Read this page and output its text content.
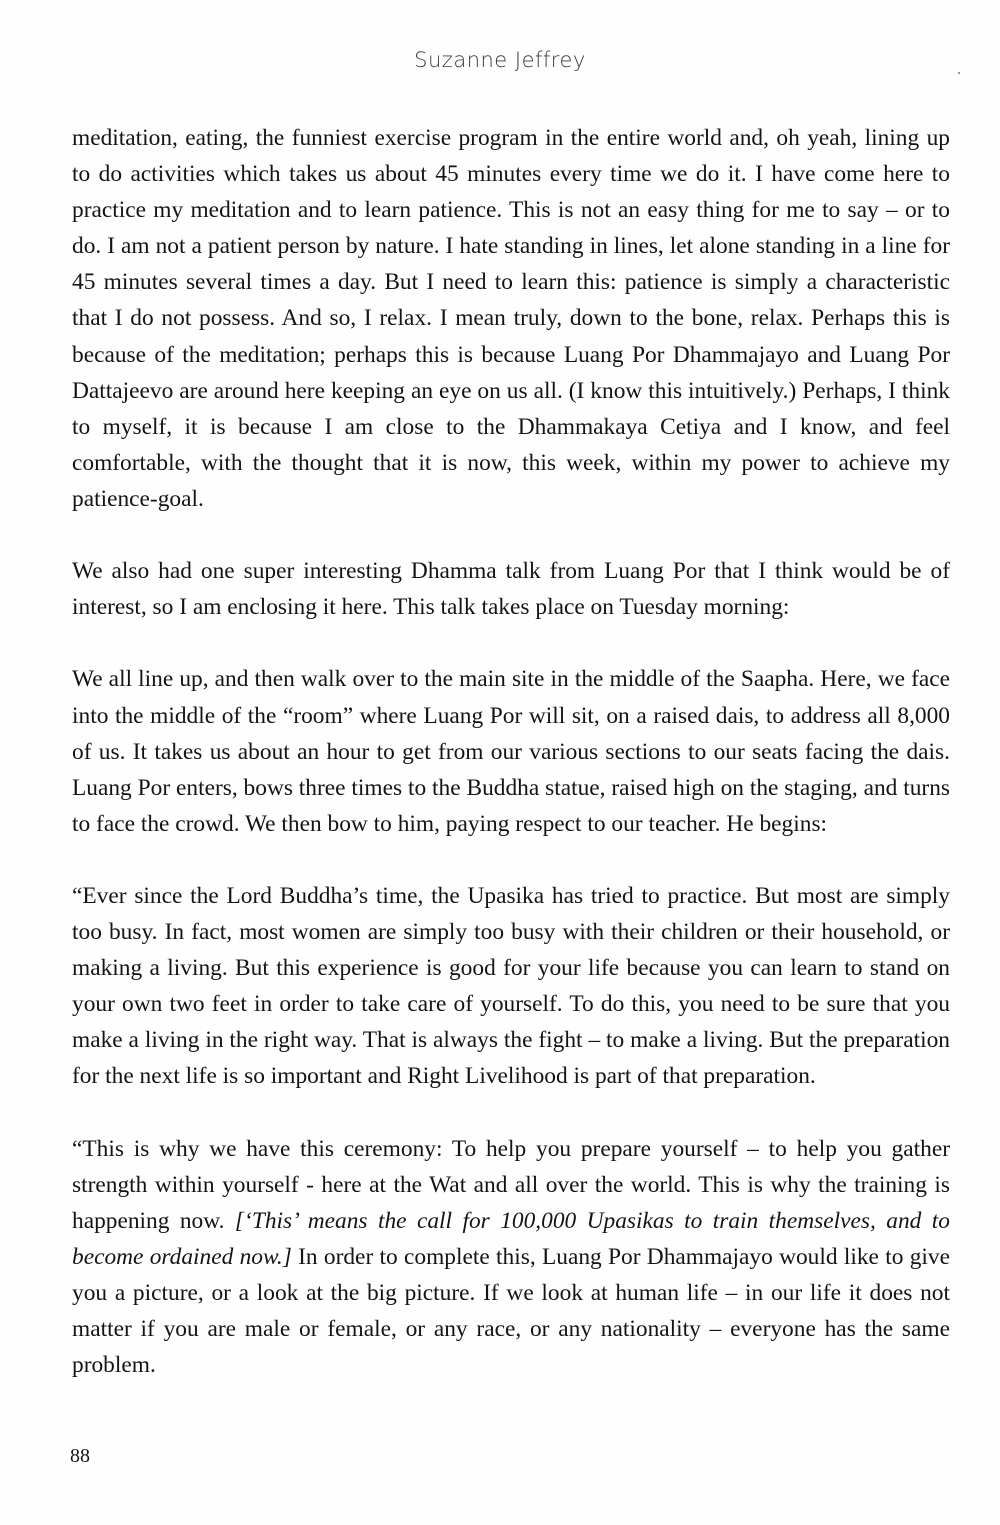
Suzanne Jeffrey

meditation, eating, the funniest exercise program in the entire world and, oh yeah, lining up to do activities which takes us about 45 minutes every time we do it. I have come here to practice my meditation and to learn patience. This is not an easy thing for me to say – or to do. I am not a patient person by nature. I hate standing in lines, let alone standing in a line for 45 minutes several times a day. But I need to learn this: patience is simply a characteristic that I do not possess. And so, I relax. I mean truly, down to the bone, relax. Perhaps this is because of the meditation; perhaps this is because Luang Por Dhammajayo and Luang Por Dattajeevo are around here keeping an eye on us all. (I know this intuitively.) Perhaps, I think to myself, it is because I am close to the Dhammakaya Cetiya and I know, and feel comfortable, with the thought that it is now, this week, within my power to achieve my patience-goal.

We also had one super interesting Dhamma talk from Luang Por that I think would be of interest, so I am enclosing it here. This talk takes place on Tuesday morning:

We all line up, and then walk over to the main site in the middle of the Saapha. Here, we face into the middle of the “room” where Luang Por will sit, on a raised dais, to address all 8,000 of us. It takes us about an hour to get from our various sections to our seats facing the dais. Luang Por enters, bows three times to the Buddha statue, raised high on the staging, and turns to face the crowd. We then bow to him, paying respect to our teacher. He begins:

“Ever since the Lord Buddha’s time, the Upasika has tried to practice. But most are simply too busy. In fact, most women are simply too busy with their children or their household, or making a living. But this experience is good for your life because you can learn to stand on your own two feet in order to take care of yourself. To do this, you need to be sure that you make a living in the right way. That is always the fight – to make a living. But the preparation for the next life is so important and Right Livelihood is part of that preparation.

“This is why we have this ceremony: To help you prepare yourself – to help you gather strength within yourself - here at the Wat and all over the world. This is why the training is happening now. [‘This’ means the call for 100,000 Upasikas to train themselves, and to become ordained now.] In order to complete this, Luang Por Dhammajayo would like to give you a picture, or a look at the big picture. If we look at human life – in our life it does not matter if you are male or female, or any race, or any nationality – everyone has the same problem.

88
